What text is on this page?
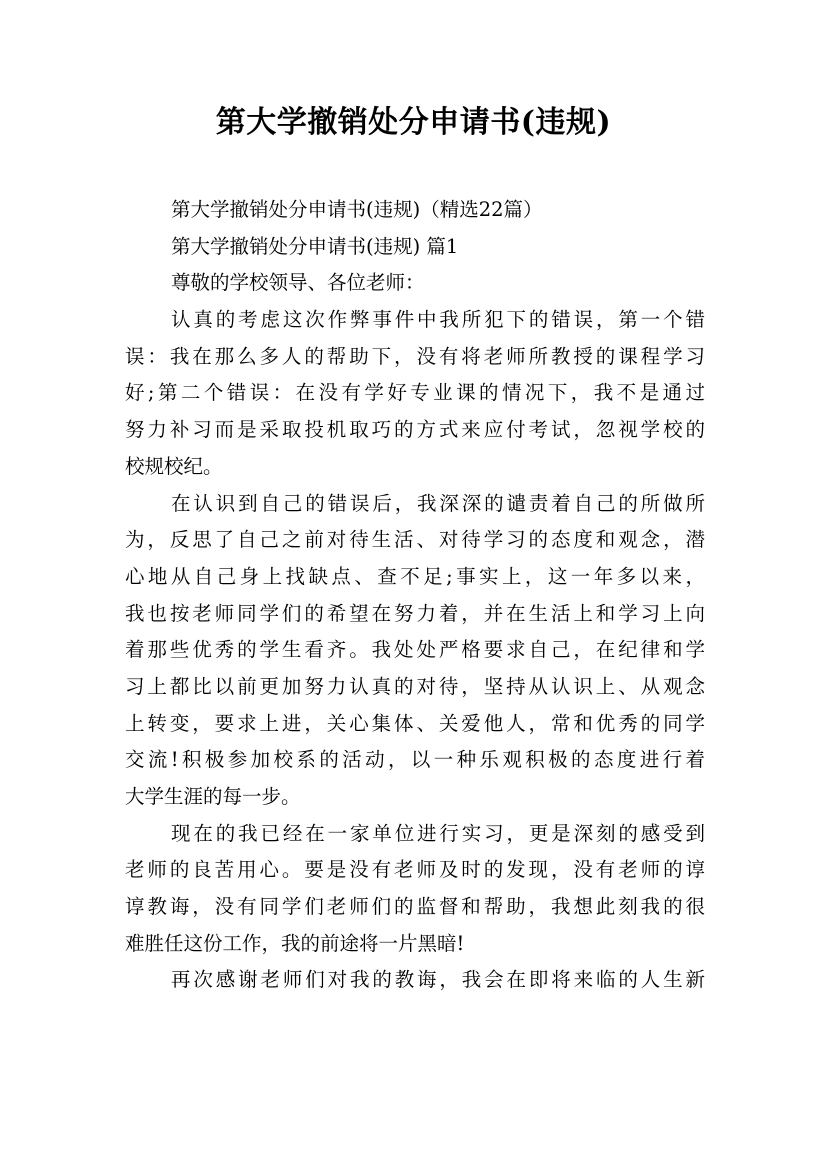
第大学撤销处分申请书(违规)
第大学撤销处分申请书(违规)（精选22篇）
第大学撤销处分申请书(违规) 篇1
尊敬的学校领导、各位老师：
认真的考虑这次作弊事件中我所犯下的错误，第一个错
误：我在那么多人的帮助下，没有将老师所教授的课程学习
好;第二个错误：在没有学好专业课的情况下，我不是通过
努力补习而是采取投机取巧的方式来应付考试，忽视学校的
校规校纪。
在认识到自己的错误后，我深深的谴责着自己的所做所
为，反思了自己之前对待生活、对待学习的态度和观念，潜
心地从自己身上找缺点、查不足;事实上，这一年多以来，
我也按老师同学们的希望在努力着，并在生活上和学习上向
着那些优秀的学生看齐。我处处严格要求自己，在纪律和学
习上都比以前更加努力认真的对待，坚持从认识上、从观念
上转变，要求上进，关心集体、关爱他人，常和优秀的同学
交流!积极参加校系的活动，以一种乐观积极的态度进行着
大学生涯的每一步。
现在的我已经在一家单位进行实习，更是深刻的感受到
老师的良苦用心。要是没有老师及时的发现，没有老师的谆
谆教诲，没有同学们老师们的监督和帮助，我想此刻我的很
难胜任这份工作，我的前途将一片黑暗!
再次感谢老师们对我的教诲，我会在即将来临的人生新
